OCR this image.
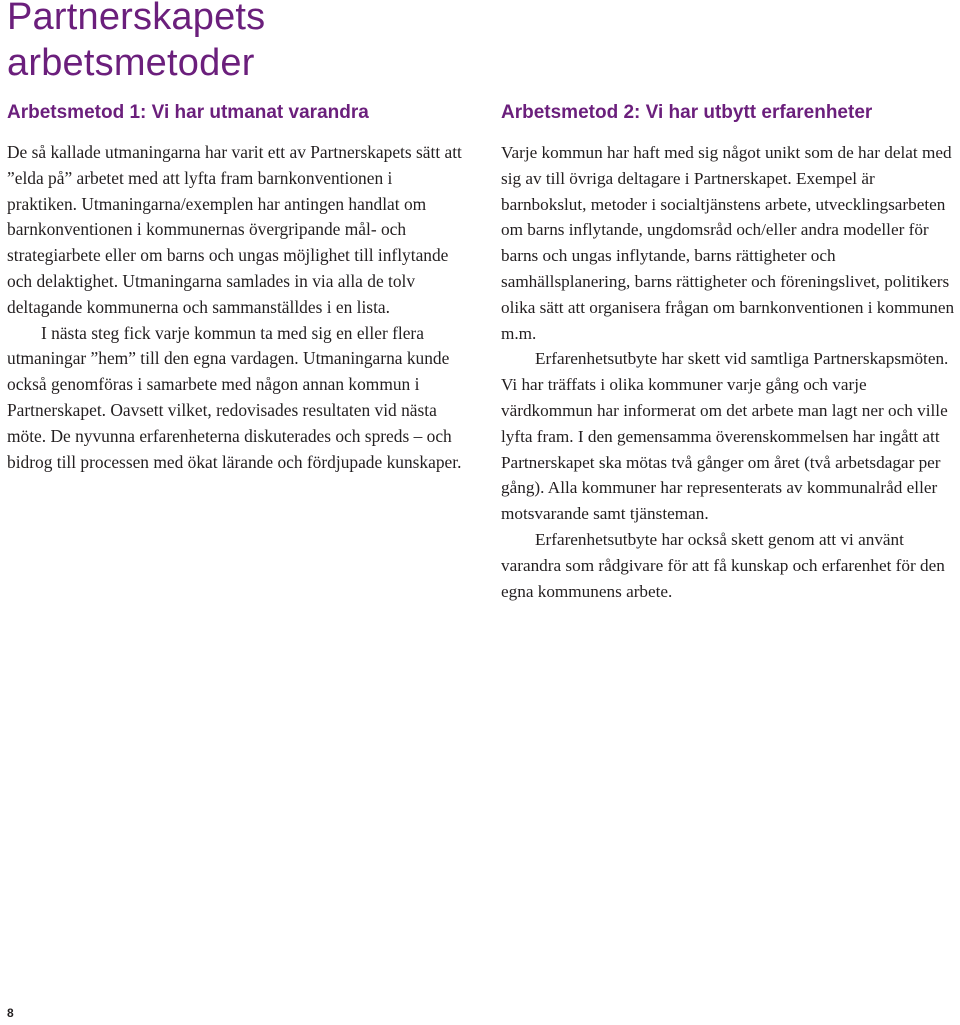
Partnerskapets arbetsmetoder
Arbetsmetod 1: Vi har utmanat varandra

De så kallade utmaningarna har varit ett av Partnerskapets sätt att ”elda på” arbetet med att lyfta fram barnkonventionen i praktiken. Utmaningarna/exemplen har antingen handlat om barnkonventionen i kommunernas övergripande mål- och strategiarbete eller om barns och ungas möjlighet till inflytande och delaktighet. Utmaningarna samlades in via alla de tolv deltagande kommunerna och sammanställdes i en lista.

I nästa steg fick varje kommun ta med sig en eller flera utmaningar ”hem” till den egna vardagen. Utmaningarna kunde också genomföras i samarbete med någon annan kommun i Partnerskapet. Oavsett vilket, redovisades resultaten vid nästa möte. De nyvunna erfarenheterna diskuterades och spreds – och bidrog till processen med ökat lärande och fördjupade kunskaper.

Arbetsmetod 2: Vi har utbytt erfarenheter

Varje kommun har haft med sig något unikt som de har delat med sig av till övriga deltagare i Partnerskapet. Exempel är barnbokslut, metoder i socialtjänstens arbete, utvecklingsarbeten om barns inflytande, ungdomsråd och/eller andra modeller för barns och ungas inflytande, barns rättigheter och samhällsplanering, barns rättigheter och föreningslivet, politikers olika sätt att organisera frågan om barnkonventionen i kommunen m.m.

Erfarenhetsutbyte har skett vid samtliga Partnerskapsmöten. Vi har träffats i olika kommuner varje gång och varje värdkommun har informerat om det arbete man lagt ner och ville lyfta fram. I den gemensamma överenskommelsen har ingått att Partnerskapet ska mötas två gånger om året (två arbetsdagar per gång). Alla kommuner har representerats av kommunalråd eller motsvarande samt tjänsteman.

Erfarenhetsutbyte har också skett genom att vi använt varandra som rådgivare för att få kunskap och erfarenhet för den egna kommunens arbete.

8
